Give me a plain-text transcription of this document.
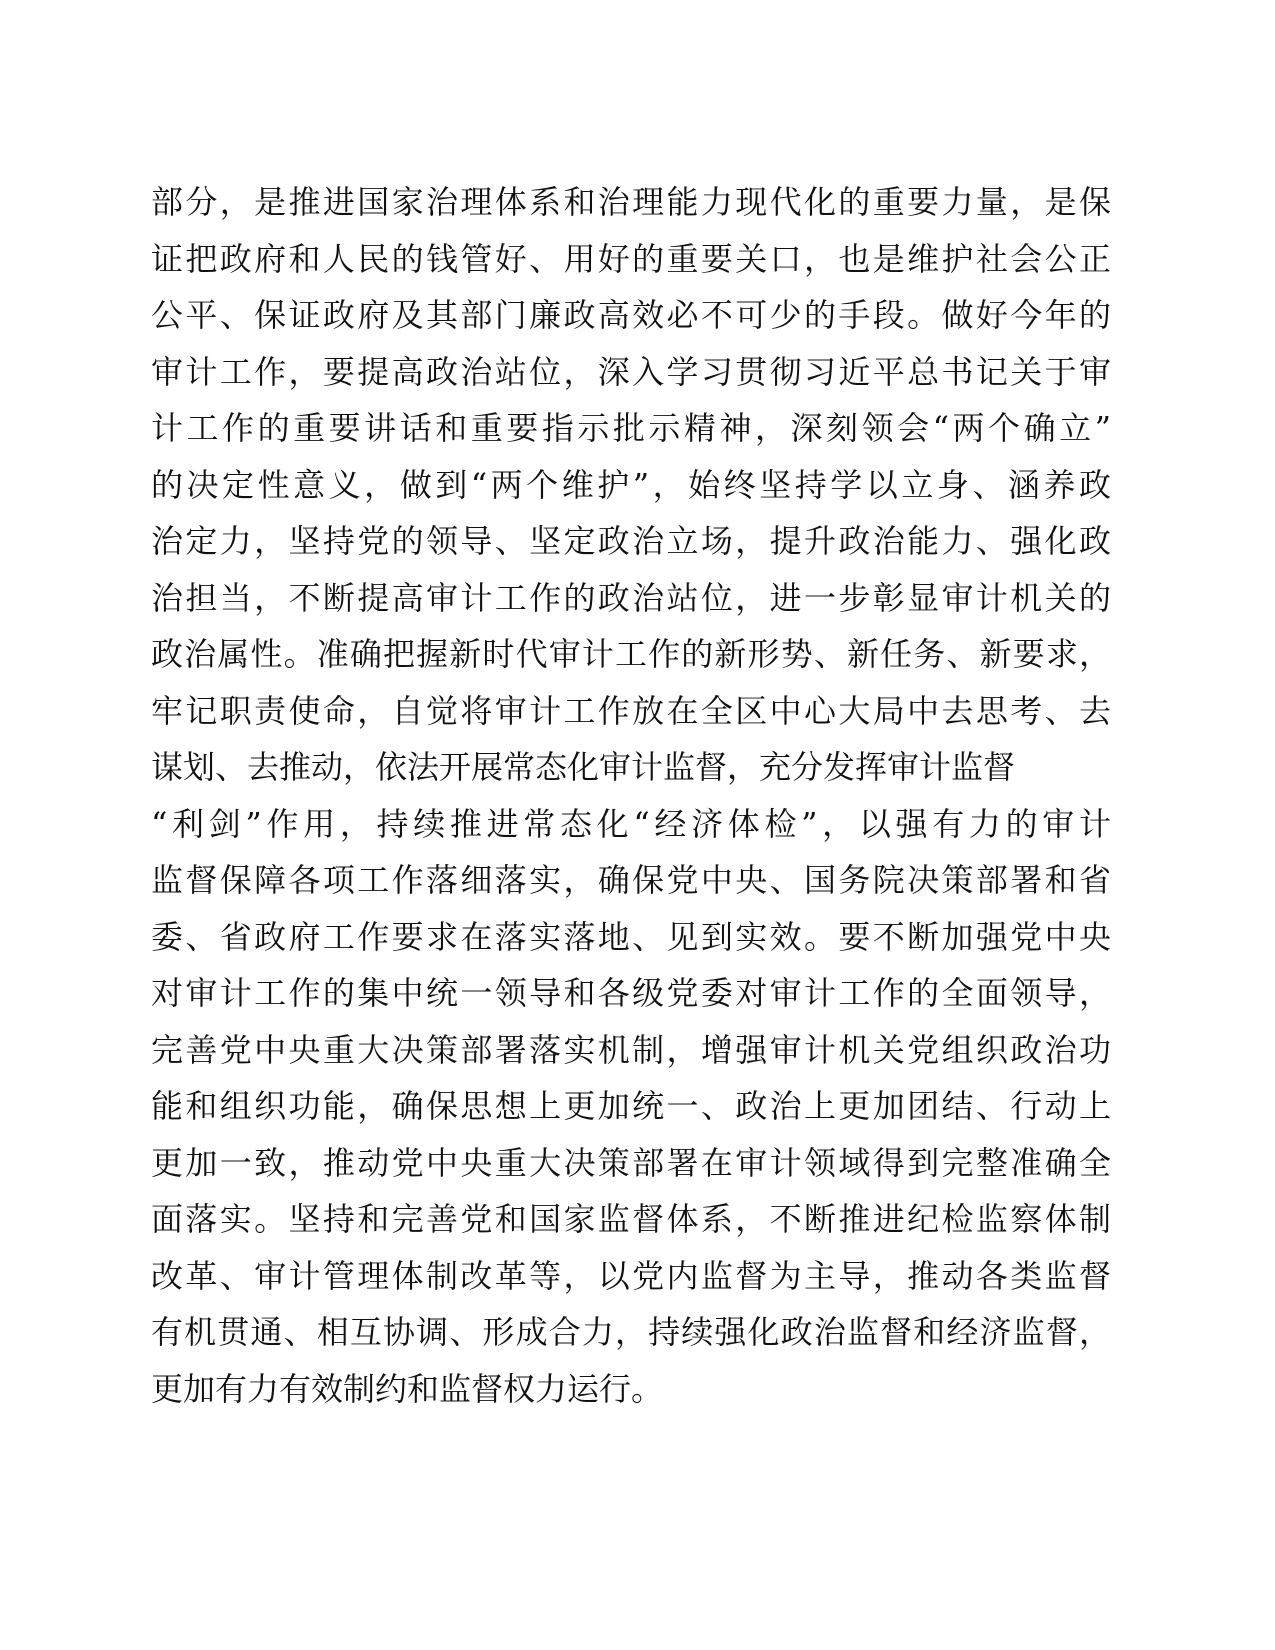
部分，是推进国家治理体系和治理能力现代化的重要力量，是保
证把政府和人民的钱管好、用好的重要关口，也是维护社会公正
公平、保证政府及其部门廉政高效必不可少的手段。做好今年的
审计工作，要提高政治站位，深入学习贯彻习近平总书记关于审
计工作的重要讲话和重要指示批示精神，深刻领会“两个确立”
的决定性意义，做到“两个维护”，始终坚持学以立身、涵养政
治定力，坚持党的领导、坚定政治立场，提升政治能力、强化政
治担当，不断提高审计工作的政治站位，进一步彰显审计机关的
政治属性。准确把握新时代审计工作的新形势、新任务、新要求，
牢记职责使命，自觉将审计工作放在全区中心大局中去思考、去
谋划、去推动，依法开展常态化审计监督，充分发挥审计监督
“利剑”作用，持续推进常态化“经济体检”，以强有力的审计
监督保障各项工作落细落实，确保党中央、国务院决策部署和省
委、省政府工作要求在落实落地、见到实效。要不断加强党中央
对审计工作的集中统一领导和各级党委对审计工作的全面领导，
完善党中央重大决策部署落实机制，增强审计机关党组织政治功
能和组织功能，确保思想上更加统一、政治上更加团结、行动上
更加一致，推动党中央重大决策部署在审计领域得到完整准确全
面落实。坚持和完善党和国家监督体系，不断推进纪检监察体制
改革、审计管理体制改革等，以党内监督为主导，推动各类监督
有机贯通、相互协调、形成合力，持续强化政治监督和经济监督，
更加有力有效制约和监督权力运行。
